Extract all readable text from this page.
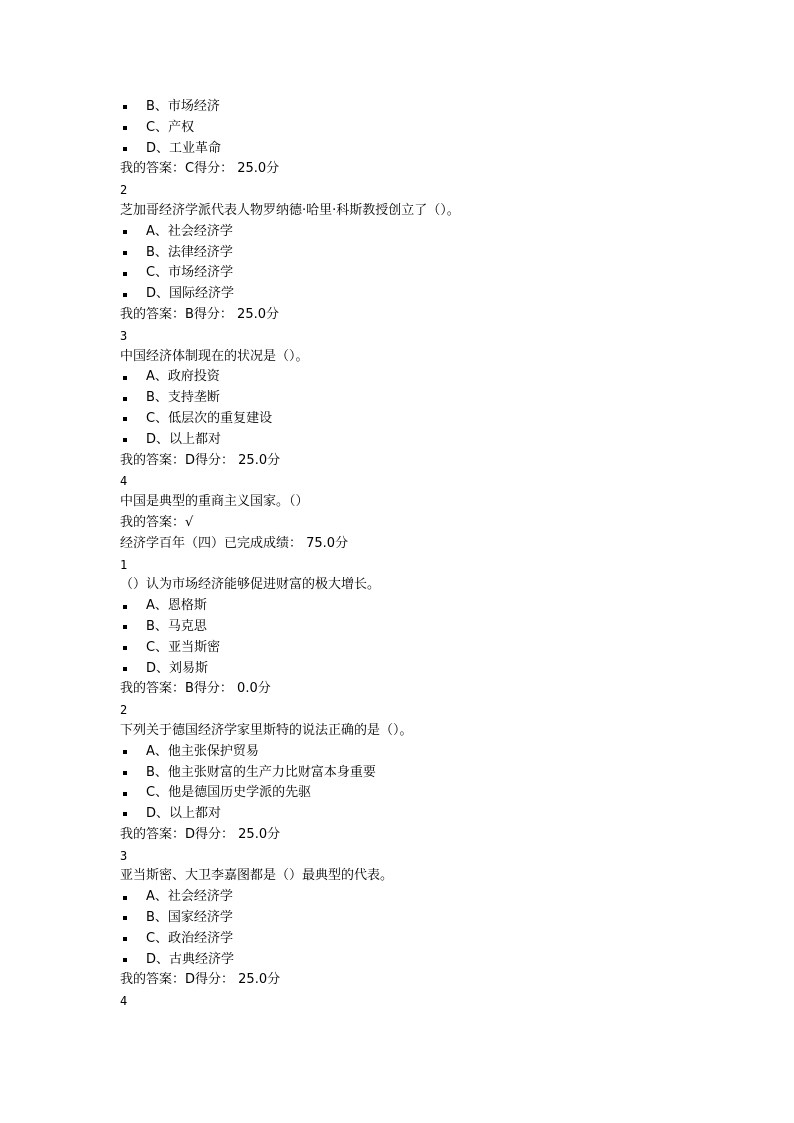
B、市场经济
C、产权
D、工业革命
我的答案：C得分： 25.0分
2
芝加哥经济学派代表人物罗纳德·哈里·科斯教授创立了（）。
A、社会经济学
B、法律经济学
C、市场经济学
D、国际经济学
我的答案：B得分： 25.0分
3
中国经济体制现在的状况是（）。
A、政府投资
B、支持垄断
C、低层次的重复建设
D、以上都对
我的答案：D得分： 25.0分
4
中国是典型的重商主义国家。（）
我的答案：√
经济学百年（四）已完成成绩： 75.0分
1
（）认为市场经济能够促进财富的极大增长。
A、恩格斯
B、马克思
C、亚当斯密
D、刘易斯
我的答案：B得分： 0.0分
2
下列关于德国经济学家里斯特的说法正确的是（）。
A、他主张保护贸易
B、他主张财富的生产力比财富本身重要
C、他是德国历史学派的先驱
D、以上都对
我的答案：D得分： 25.0分
3
亚当斯密、大卫李嘉图都是（）最典型的代表。
A、社会经济学
B、国家经济学
C、政治经济学
D、古典经济学
我的答案：D得分： 25.0分
4
